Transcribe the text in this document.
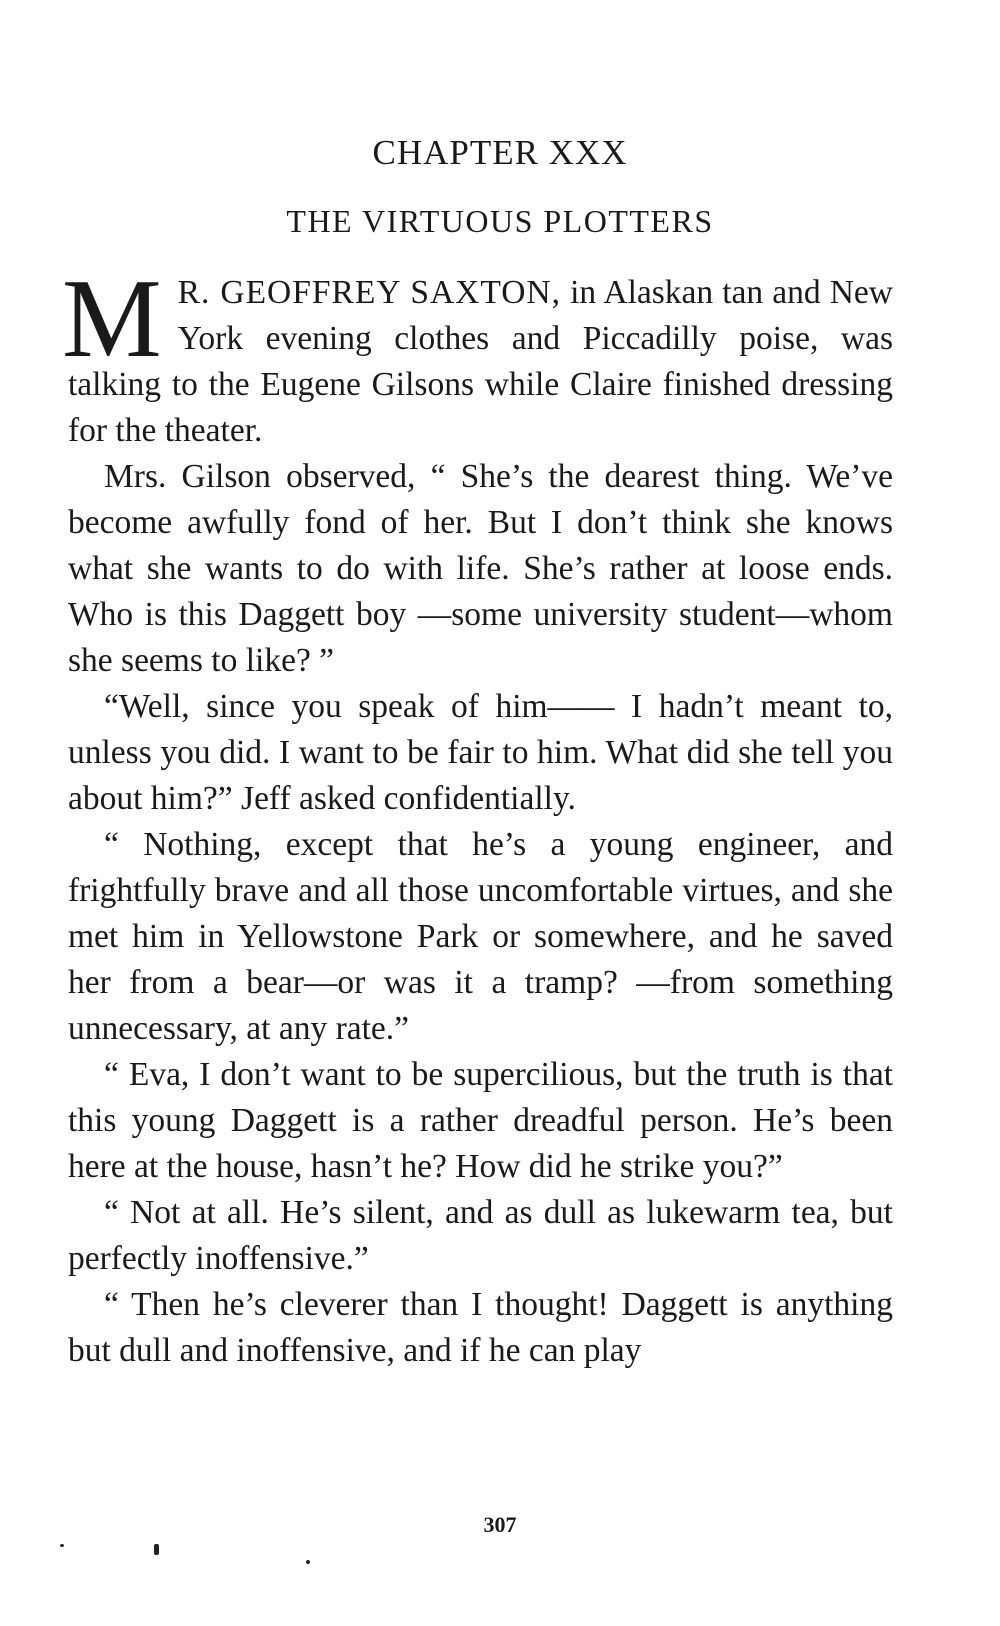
CHAPTER XXX
THE VIRTUOUS PLOTTERS

M R. GEOFFREY SAXTON, in Alaskan tan and New York evening clothes and Piccadilly poise, was talking to the Eugene Gilsons while Claire finished dressing for the theater.

Mrs. Gilson observed, “ She’s the dearest thing. We’ve become awfully fond of her. But I don’t think she knows what she wants to do with life. She’s rather at loose ends. Who is this Daggett boy —some university student—whom she seems to like? ”

“Well, since you speak of him—— I hadn’t meant to, unless you did. I want to be fair to him. What did she tell you about him?” Jeff asked confidentially.

“ Nothing, except that he’s a young engineer, and frightfully brave and all those uncomfortable virtues, and she met him in Yellowstone Park or somewhere, and he saved her from a bear—or was it a tramp? —from something unnecessary, at any rate.”

“ Eva, I don’t want to be supercilious, but the truth is that this young Daggett is a rather dreadful person. He’s been here at the house, hasn’t he? How did he strike you?”

“ Not at all. He’s silent, and as dull as lukewarm tea, but perfectly inoffensive.”

“ Then he’s cleverer than I thought! Daggett is anything but dull and inoffensive, and if he can play

307
